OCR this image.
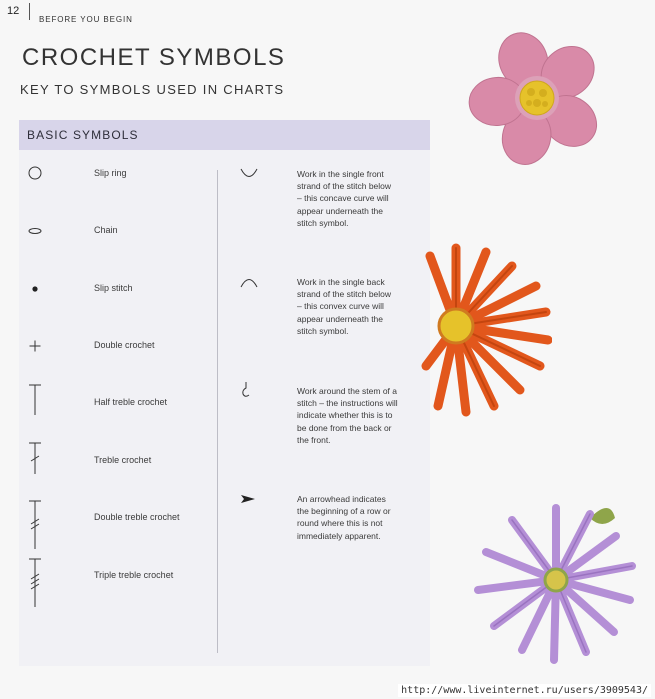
12
BEFORE YOU BEGIN
CROCHET SYMBOLS
KEY TO SYMBOLS USED IN CHARTS
BASIC SYMBOLS
Slip ring
Chain
Slip stitch
Double crochet
Half treble crochet
Treble crochet
Double treble crochet
Triple treble crochet
Work in the single front
strand of the stitch below
– this concave curve will
appear underneath the
stitch symbol.
Work in the single back
strand of the stitch below
– this convex curve will
appear underneath the
stitch symbol.
Work around the stem of a
stitch – the instructions will
indicate whether this is to
be done from the back or
the front.
An arrowhead indicates
the beginning of a row or
round where this is not
immediately apparent.
http://www.liveinternet.ru/users/3909543/
